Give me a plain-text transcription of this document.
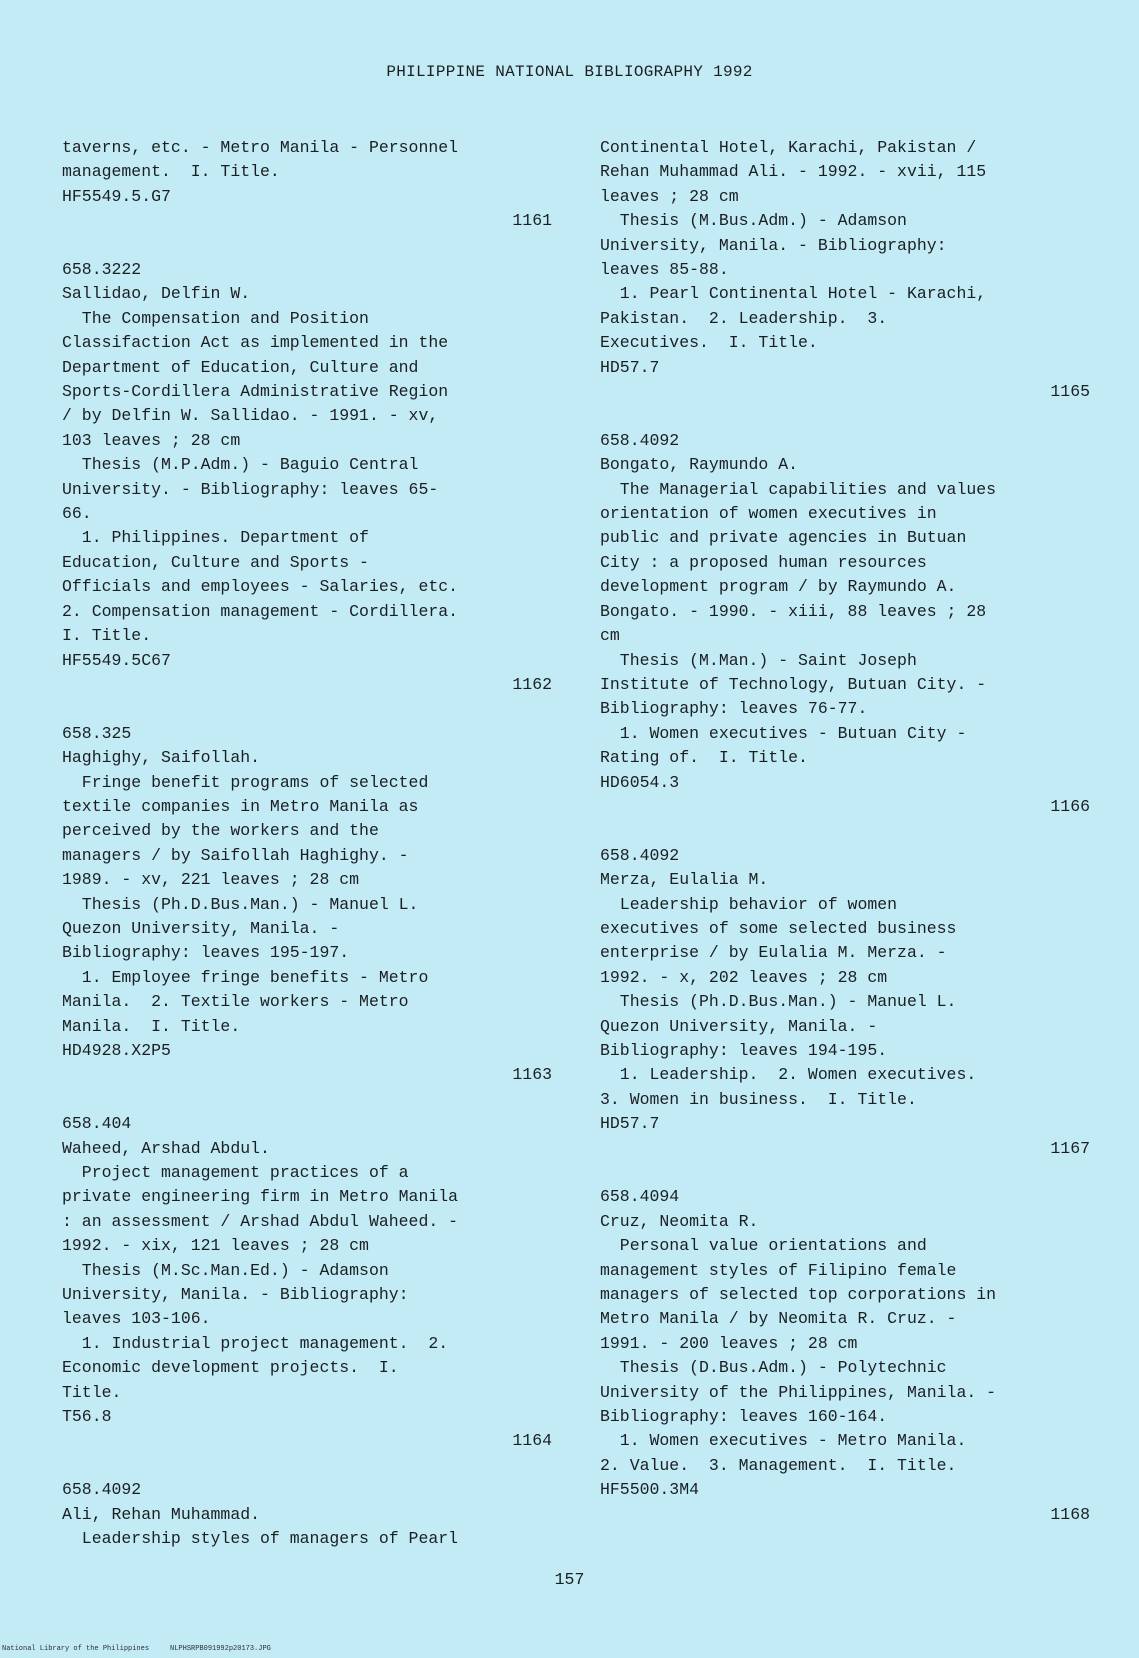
PHILIPPINE NATIONAL BIBLIOGRAPHY 1992
taverns, etc. - Metro Manila - Personnel
management.  I. Title.
HF5549.5.G7
1161
658.3222
Sallidao, Delfin W.
The Compensation and Position
Classifaction Act as implemented in the
Department of Education, Culture and
Sports-Cordillera Administrative Region
/ by Delfin W. Sallidao. - 1991. - xv,
103 leaves ; 28 cm
Thesis (M.P.Adm.) - Baguio Central
University. - Bibliography: leaves 65-
66.
1. Philippines. Department of
Education, Culture and Sports -
Officials and employees - Salaries, etc.
2. Compensation management - Cordillera.
I. Title.
HF5549.5C67
1162
658.325
Haghighy, Saifollah.
Fringe benefit programs of selected
textile companies in Metro Manila as
perceived by the workers and the
managers / by Saifollah Haghighy. -
1989. - xv, 221 leaves ; 28 cm
Thesis (Ph.D.Bus.Man.) - Manuel L.
Quezon University, Manila. -
Bibliography: leaves 195-197.
1. Employee fringe benefits - Metro
Manila.  2. Textile workers - Metro
Manila.  I. Title.
HD4928.X2P5
1163
658.404
Waheed, Arshad Abdul.
Project management practices of a
private engineering firm in Metro Manila
: an assessment / Arshad Abdul Waheed. -
1992. - xix, 121 leaves ; 28 cm
Thesis (M.Sc.Man.Ed.) - Adamson
University, Manila. - Bibliography:
leaves 103-106.
1. Industrial project management.  2.
Economic development projects.  I.
Title.
T56.8
1164
658.4092
Ali, Rehan Muhammad.
Leadership styles of managers of Pearl
Continental Hotel, Karachi, Pakistan /
Rehan Muhammad Ali. - 1992. - xvii, 115
leaves ; 28 cm
Thesis (M.Bus.Adm.) - Adamson
University, Manila. - Bibliography:
leaves 85-88.
1. Pearl Continental Hotel - Karachi,
Pakistan.  2. Leadership.  3.
Executives.  I. Title.
HD57.7
1165
658.4092
Bongato, Raymundo A.
The Managerial capabilities and values
orientation of women executives in
public and private agencies in Butuan
City : a proposed human resources
development program / by Raymundo A.
Bongato. - 1990. - xiii, 88 leaves ; 28
cm
Thesis (M.Man.) - Saint Joseph
Institute of Technology, Butuan City. -
Bibliography: leaves 76-77.
1. Women executives - Butuan City -
Rating of.  I. Title.
HD6054.3
1166
658.4092
Merza, Eulalia M.
Leadership behavior of women
executives of some selected business
enterprise / by Eulalia M. Merza. -
1992. - x, 202 leaves ; 28 cm
Thesis (Ph.D.Bus.Man.) - Manuel L.
Quezon University, Manila. -
Bibliography: leaves 194-195.
1. Leadership.  2. Women executives.
3. Women in business.  I. Title.
HD57.7
1167
658.4094
Cruz, Neomita R.
Personal value orientations and
management styles of Filipino female
managers of selected top corporations in
Metro Manila / by Neomita R. Cruz. -
1991. - 200 leaves ; 28 cm
Thesis (D.Bus.Adm.) - Polytechnic
University of the Philippines, Manila. -
Bibliography: leaves 160-164.
1. Women executives - Metro Manila.
2. Value.  3. Management.  I. Title.
HF5500.3M4
1168
157
National Library of the Philippines     NLPHSRPB091992p20173.JPG
